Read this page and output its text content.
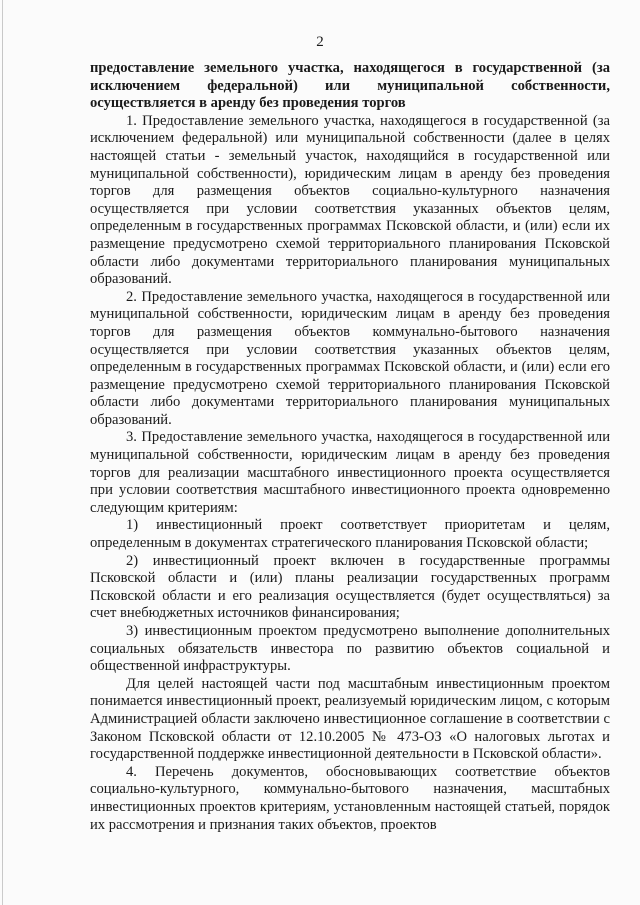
2

предоставление земельного участка, находящегося в государственной (за исключением федеральной) или муниципальной собственности, осуществляется в аренду без проведения торгов

1. Предоставление земельного участка, находящегося в государственной (за исключением федеральной) или муниципальной собственности (далее в целях настоящей статьи - земельный участок, находящийся в государственной или муниципальной собственности), юридическим лицам в аренду без проведения торгов для размещения объектов социально-культурного назначения осуществляется при условии соответствия указанных объектов целям, определенным в государственных программах Псковской области, и (или) если их размещение предусмотрено схемой территориального планирования Псковской области либо документами территориального планирования муниципальных образований.

2. Предоставление земельного участка, находящегося в государственной или муниципальной собственности, юридическим лицам в аренду без проведения торгов для размещения объектов коммунально-бытового назначения осуществляется при условии соответствия указанных объектов целям, определенным в государственных программах Псковской области, и (или) если его размещение предусмотрено схемой территориального планирования Псковской области либо документами территориального планирования муниципальных образований.

3. Предоставление земельного участка, находящегося в государственной или муниципальной собственности, юридическим лицам в аренду без проведения торгов для реализации масштабного инвестиционного проекта осуществляется при условии соответствия масштабного инвестиционного проекта одновременно следующим критериям:

1) инвестиционный проект соответствует приоритетам и целям, определенным в документах стратегического планирования Псковской области;

2) инвестиционный проект включен в государственные программы Псковской области и (или) планы реализации государственных программ Псковской области и его реализация осуществляется (будет осуществляться) за счет внебюджетных источников финансирования;

3) инвестиционным проектом предусмотрено выполнение дополнительных социальных обязательств инвестора по развитию объектов социальной и общественной инфраструктуры.

Для целей настоящей части под масштабным инвестиционным проектом понимается инвестиционный проект, реализуемый юридическим лицом, с которым Администрацией области заключено инвестиционное соглашение в соответствии с Законом Псковской области от 12.10.2005 № 473-ОЗ «О налоговых льготах и государственной поддержке инвестиционной деятельности в Псковской области».

4. Перечень документов, обосновывающих соответствие объектов социально-культурного, коммунально-бытового назначения, масштабных инвестиционных проектов критериям, установленным настоящей статьей, порядок их рассмотрения и признания таких объектов, проектов
